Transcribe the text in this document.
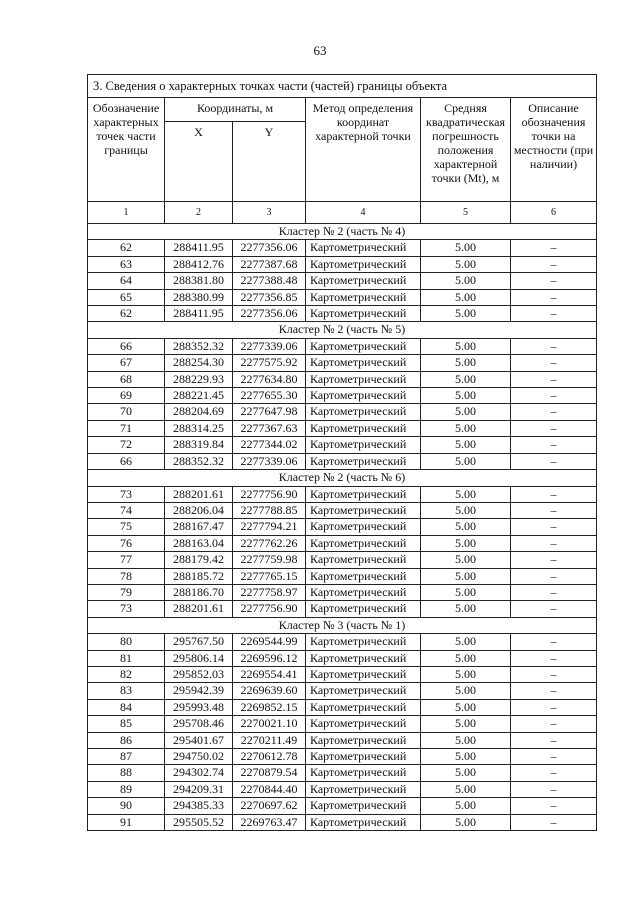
63
3. Сведения о характерных точках части (частей) границы объекта					
Обозначение характерных точек части границы	Координаты, м		Метод определения координат характерной точки	Средняя квадратическая погрешность положения характерной точки (Mt), м	Описание обозначения точки на местности (при наличии)
	X	Y			
1	2	3	4	5	6
Кластер № 2 (часть № 4)					
62	288411.95	2277356.06	Картометрический	5.00	–
63	288412.76	2277387.68	Картометрический	5.00	–
64	288381.80	2277388.48	Картометрический	5.00	–
65	288380.99	2277356.85	Картометрический	5.00	–
62	288411.95	2277356.06	Картометрический	5.00	–
Кластер № 2 (часть № 5)					
66	288352.32	2277339.06	Картометрический	5.00	–
67	288254.30	2277575.92	Картометрический	5.00	–
68	288229.93	2277634.80	Картометрический	5.00	–
69	288221.45	2277655.30	Картометрический	5.00	–
70	288204.69	2277647.98	Картометрический	5.00	–
71	288314.25	2277367.63	Картометрический	5.00	–
72	288319.84	2277344.02	Картометрический	5.00	–
66	288352.32	2277339.06	Картометрический	5.00	–
Кластер № 2 (часть № 6)					
73	288201.61	2277756.90	Картометрический	5.00	–
74	288206.04	2277788.85	Картометрический	5.00	–
75	288167.47	2277794.21	Картометрический	5.00	–
76	288163.04	2277762.26	Картометрический	5.00	–
77	288179.42	2277759.98	Картометрический	5.00	–
78	288185.72	2277765.15	Картометрический	5.00	–
79	288186.70	2277758.97	Картометрический	5.00	–
73	288201.61	2277756.90	Картометрический	5.00	–
Кластер № 3 (часть № 1)					
80	295767.50	2269544.99	Картометрический	5.00	–
81	295806.14	2269596.12	Картометрический	5.00	–
82	295852.03	2269554.41	Картометрический	5.00	–
83	295942.39	2269639.60	Картометрический	5.00	–
84	295993.48	2269852.15	Картометрический	5.00	–
85	295708.46	2270021.10	Картометрический	5.00	–
86	295401.67	2270211.49	Картометрический	5.00	–
87	294750.02	2270612.78	Картометрический	5.00	–
88	294302.74	2270879.54	Картометрический	5.00	–
89	294209.31	2270844.40	Картометрический	5.00	–
90	294385.33	2270697.62	Картометрический	5.00	–
91	295505.52	2269763.47	Картометрический	5.00	–
